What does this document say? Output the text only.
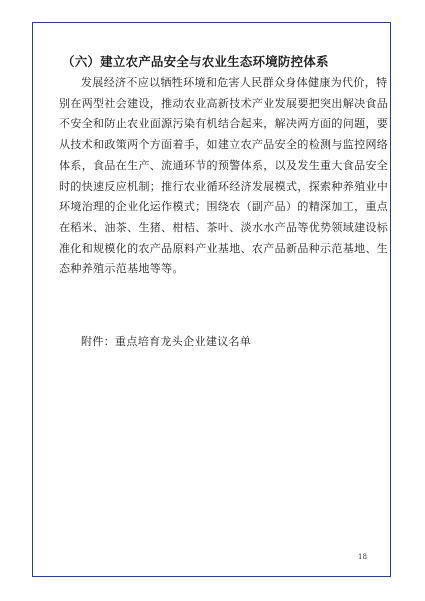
（六）建立农产品安全与农业生态环境防控体系
发展经济不应以牺牲环境和危害人民群众身体健康为代价，特
别在两型社会建设，推动农业高新技术产业发展要把突出解决食品
不安全和防止农业面源污染有机结合起来，解决两方面的问题，要
从技术和政策两个方面着手，如建立农产品安全的检测与监控网络
体系，食品在生产、流通环节的预警体系，以及发生重大食品安全
时的快速反应机制；推行农业循环经济发展模式，探索种养殖业中
环境治理的企业化运作模式；围绕农（副产品）的精深加工，重点
在稻米、油茶、生猪、柑桔、茶叶、淡水水产品等优势领域建设标
准化和规模化的农产品原料产业基地、农产品新品种示范基地、生
态种养殖示范基地等等。
附件：重点培育龙头企业建议名单
18
